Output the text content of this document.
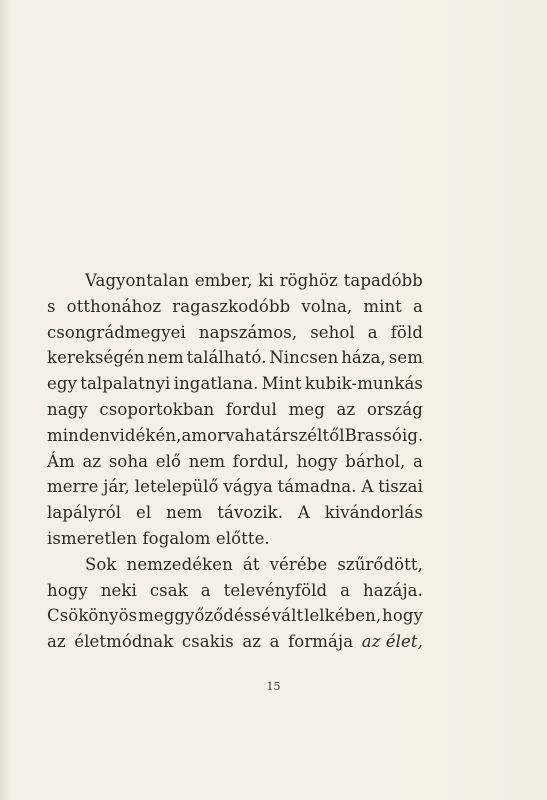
Vagyontalan ember, ki röghöz tapadóbb
s otthonához ragaszkodóbb volna, mint a
csongrádmegyei napszámos, sehol a föld
kerekségén nem található. Nincsen háza, sem
egy talpalatnyi ingatlana. Mint kubik-munkás
nagy csoportokban fordul meg az ország
minden vidékén, a morva határszéltől Brassóig.
Ám az soha elő nem fordul, hogy bárhol, a
merre jár, letelepülő vágya támadna. A tiszai
lapályról el nem távozik. A kivándorlás
ismeretlen fogalom előtte.
Sok nemzedéken át vérébe szűrődött,
hogy neki csak a televényföld a hazája.
Csökönyös meggyőződéssé vált lelkében, hogy
az életmódnak csakis az a formája az élet,
15
